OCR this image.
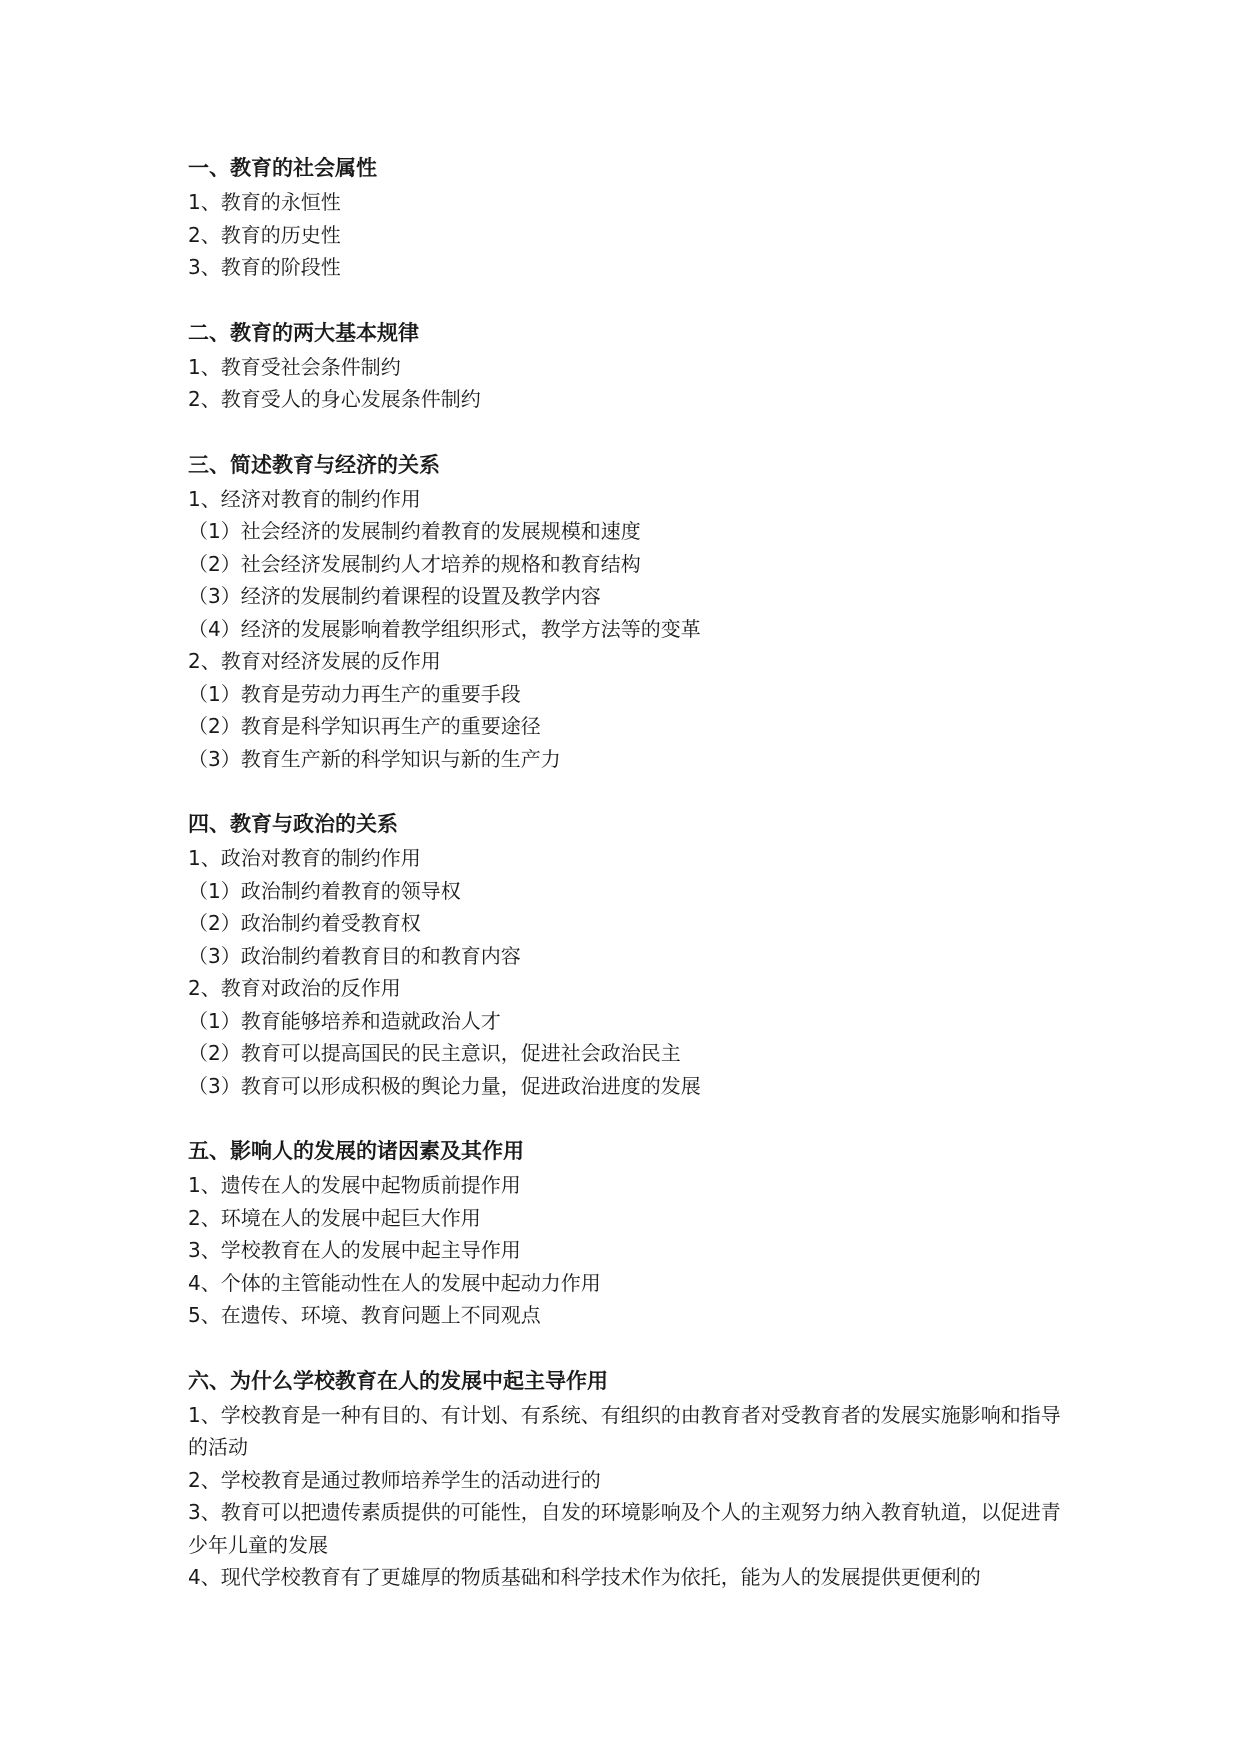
一、教育的社会属性
1、教育的永恒性
2、教育的历史性
3、教育的阶段性
二、教育的两大基本规律
1、教育受社会条件制约
2、教育受人的身心发展条件制约
三、简述教育与经济的关系
1、经济对教育的制约作用
（1）社会经济的发展制约着教育的发展规模和速度
（2）社会经济发展制约人才培养的规格和教育结构
（3）经济的发展制约着课程的设置及教学内容
（4）经济的发展影响着教学组织形式，教学方法等的变革
2、教育对经济发展的反作用
（1）教育是劳动力再生产的重要手段
（2）教育是科学知识再生产的重要途径
（3）教育生产新的科学知识与新的生产力
四、教育与政治的关系
1、政治对教育的制约作用
（1）政治制约着教育的领导权
（2）政治制约着受教育权
（3）政治制约着教育目的和教育内容
2、教育对政治的反作用
（1）教育能够培养和造就政治人才
（2）教育可以提高国民的民主意识，促进社会政治民主
（3）教育可以形成积极的舆论力量，促进政治进度的发展
五、影响人的发展的诸因素及其作用
1、遗传在人的发展中起物质前提作用
2、环境在人的发展中起巨大作用
3、学校教育在人的发展中起主导作用
4、个体的主管能动性在人的发展中起动力作用
5、在遗传、环境、教育问题上不同观点
六、为什么学校教育在人的发展中起主导作用
1、学校教育是一种有目的、有计划、有系统、有组织的由教育者对受教育者的发展实施影响和指导的活动
2、学校教育是通过教师培养学生的活动进行的
3、教育可以把遗传素质提供的可能性，自发的环境影响及个人的主观努力纳入教育轨道，以促进青少年儿童的发展
4、现代学校教育有了更雄厚的物质基础和科学技术作为依托，能为人的发展提供更便利的
